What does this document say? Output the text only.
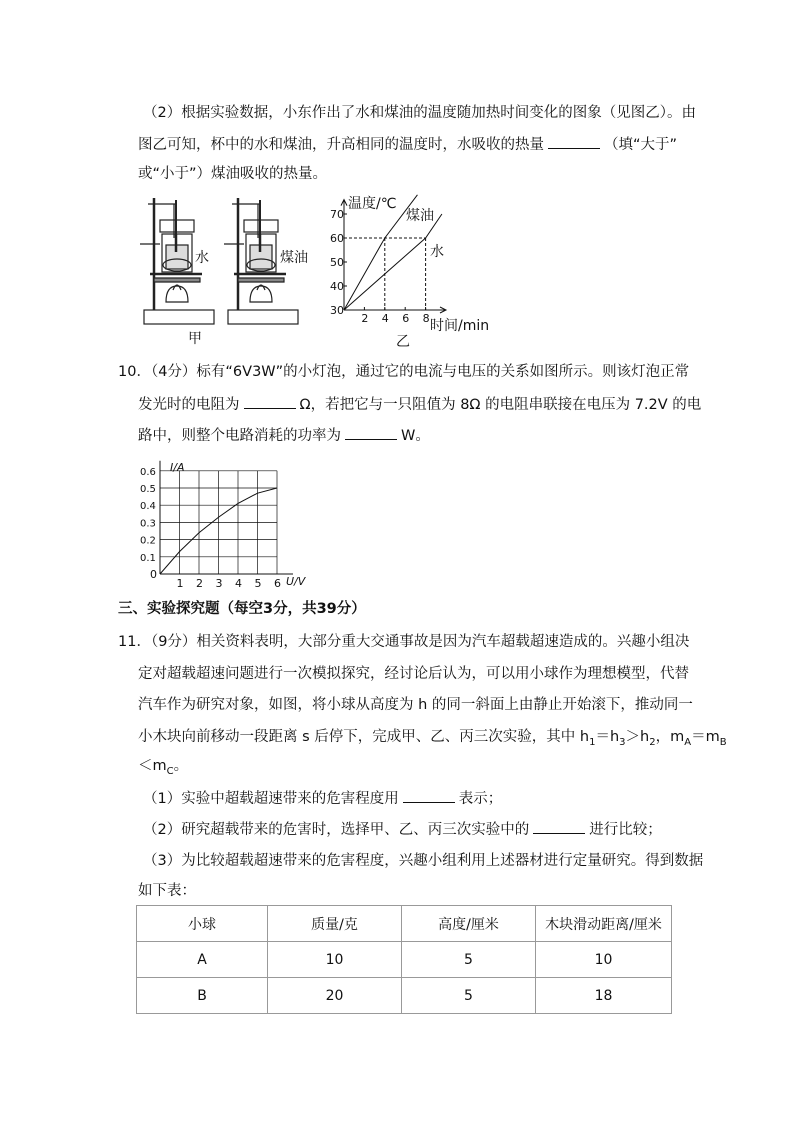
（2）根据实验数据，小东作出了水和煤油的温度随加热时间变化的图象（见图乙）。由
图乙可知，杯中的水和煤油，升高相同的温度时，水吸收的热量	（填“大于”
或“小于”）煤油吸收的热量。
水	煤油
甲
2 4 6 8
30
40
50
60
70
温度/℃
时间/min
乙
煤油
水
10．（4分）标有“6V3W”的小灯泡，通过它的电流与电压的关系如图所示。则该灯泡正常
发光时的电阻为	Ω，若把它与一只阻值为 8Ω 的电阻串联接在电压为 7.2V 的电
路中，则整个电路消耗的功率为	W。
1 2 3 4 5 6
0.1
0.2
0.3
0.4
0.5
0.6 I/A
U/V
0
三、实验探究题（每空3分，共39分）
11．（9分）相关资料表明，大部分重大交通事故是因为汽车超载超速造成的。兴趣小组决
定对超载超速问题进行一次模拟探究，经讨论后认为，可以用小球作为理想模型，代替
汽车作为研究对象，如图，将小球从高度为 h 的同一斜面上由静止开始滚下，推动同一
小木块向前移动一段距离 s 后停下，完成甲、乙、丙三次实验，其中 $h_1=h_3>h_2$，$m_A=m_B$
$<m_C$。
（1）实验中超载超速带来的危害程度用	表示；
（2）研究超载带来的危害时，选择甲、乙、丙三次实验中的	进行比较；
（3）为比较超载超速带来的危害程度，兴趣小组利用上述器材进行定量研究。得到数据
如下表：
小球	质量/克	高度/厘米	木块滑动距离/厘米
A	10	5	10
B	20	5	18
